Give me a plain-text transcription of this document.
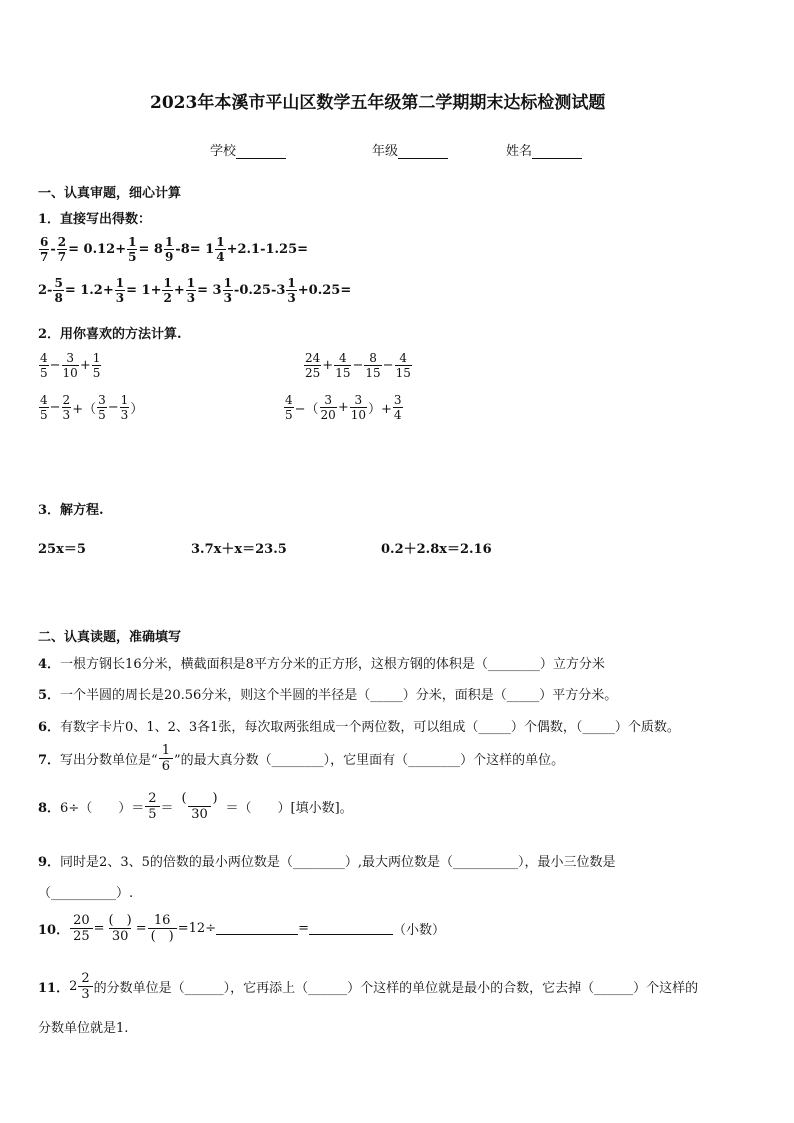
2023年本溪市平山区数学五年级第二学期期末达标检测试题
学校	年级	姓名
一、认真审题，细心计算
1．直接写出得数：
$\frac{6}{7} - \frac{2}{7} = 0.12+ \frac{1}{5} = 8 \frac{1}{9} -8= 1 \frac{1}{4} +2.1-1.25=$
$2- \frac{5}{8} = 1.2+ \frac{1}{3} = 1+ \frac{1}{2} + \frac{1}{3} = 3 \frac{1}{3} -0.25-3 \frac{1}{3} +0.25=$
2．用你喜欢的方法计算.
$\frac{4}{5} - \frac{3}{10} + \frac{1}{5}$	$\frac{24}{25} + \frac{4}{15} - \frac{8}{15} - \frac{4}{15}$
$\frac{4}{5} - \frac{2}{3}$ +（ $\frac{3}{5} - \frac{1}{3}$ ）	$\frac{4}{5}$ −（ $\frac{3}{20} + \frac{3}{10}$ ）+ $\frac{3}{4}$
3．解方程.
25x＝5	3.7x＋x＝23.5	0.2＋2.8x＝2.16
二、认真读题，准确填写
4．一根方钢长16分米，横截面积是8平方分米的正方形，这根方钢的体积是（________）立方分米
5．一个半圆的周长是20.56分米，则这个半圆的半径是（_____）分米，面积是（_____）平方分米。
6．有数字卡片0、1、2、3各1张，每次取两张组成一个两位数，可以组成（_____）个偶数，（_____）个质数。
7． 写出分数单位是“ $\frac{1}{6}$ ”的最大真分数（________），它里面有（________）个这样的单位。
8． 6÷（　　）＝ $\frac{2}{5} = \frac{( )}{30}$ ＝（　　）[填小数]。
9．同时是2、3、5的倍数的最小两位数是（________）,最大两位数是（__________），最小三位数是
（__________）.
10． $\frac{20}{25} = \frac{( )}{30} = \frac{16}{( )} =12\div$	=	（小数）
11． $2 \frac{2}{3}$ 的分数单位是（______），它再添上（______）个这样的单位就是最小的合数，它去掉（______）个这样的
分数单位就是1.
